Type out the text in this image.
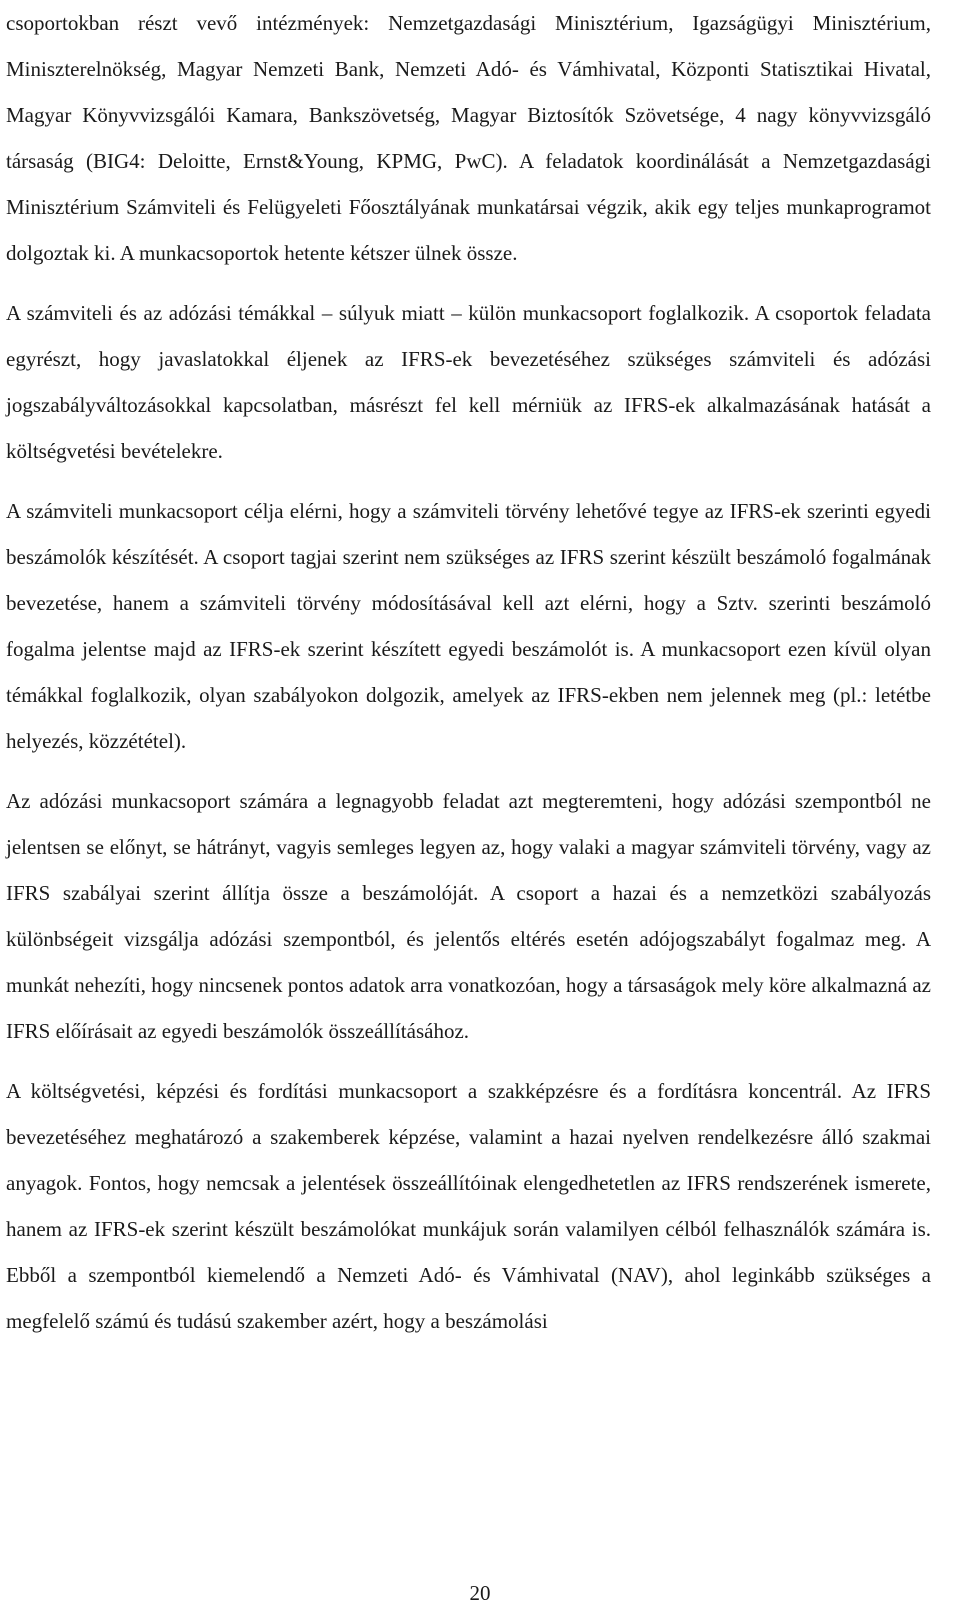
csoportokban részt vevő intézmények: Nemzetgazdasági Minisztérium, Igazságügyi Minisztérium, Miniszterelnökség, Magyar Nemzeti Bank, Nemzeti Adó- és Vámhivatal, Központi Statisztikai Hivatal, Magyar Könyvvizsgálói Kamara, Bankszövetség, Magyar Biztosítók Szövetsége, 4 nagy könyvvizsgáló társaság (BIG4: Deloitte, Ernst&Young, KPMG, PwC). A feladatok koordinálását a Nemzetgazdasági Minisztérium Számviteli és Felügyeleti Főosztályának munkatársai végzik, akik egy teljes munkaprogramot dolgoztak ki. A munkacsoportok hetente kétszer ülnek össze.

A számviteli és az adózási témákkal – súlyuk miatt – külön munkacsoport foglalkozik. A csoportok feladata egyrészt, hogy javaslatokkal éljenek az IFRS-ek bevezetéséhez szükséges számviteli és adózási jogszabályváltozásokkal kapcsolatban, másrészt fel kell mérniük az IFRS-ek alkalmazásának hatását a költségvetési bevételekre.

A számviteli munkacsoport célja elérni, hogy a számviteli törvény lehetővé tegye az IFRS-ek szerinti egyedi beszámolók készítését. A csoport tagjai szerint nem szükséges az IFRS szerint készült beszámoló fogalmának bevezetése, hanem a számviteli törvény módosításával kell azt elérni, hogy a Sztv. szerinti beszámoló fogalma jelentse majd az IFRS-ek szerint készített egyedi beszámolót is. A munkacsoport ezen kívül olyan témákkal foglalkozik, olyan szabályokon dolgozik, amelyek az IFRS-ekben nem jelennek meg (pl.: letétbe helyezés, közzététel).

Az adózási munkacsoport számára a legnagyobb feladat azt megteremteni, hogy adózási szempontból ne jelentsen se előnyt, se hátrányt, vagyis semleges legyen az, hogy valaki a magyar számviteli törvény, vagy az IFRS szabályai szerint állítja össze a beszámolóját. A csoport a hazai és a nemzetközi szabályozás különbségeit vizsgálja adózási szempontból, és jelentős eltérés esetén adójogszabályt fogalmaz meg. A munkát nehezíti, hogy nincsenek pontos adatok arra vonatkozóan, hogy a társaságok mely köre alkalmazná az IFRS előírásait az egyedi beszámolók összeállításához.

A költségvetési, képzési és fordítási munkacsoport a szakképzésre és a fordításra koncentrál. Az IFRS bevezetéséhez meghatározó a szakemberek képzése, valamint a hazai nyelven rendelkezésre álló szakmai anyagok. Fontos, hogy nemcsak a jelentések összeállítóinak elengedhetetlen az IFRS rendszerének ismerete, hanem az IFRS-ek szerint készült beszámolókat munkájuk során valamilyen célból felhasználók számára is. Ebből a szempontból kiemelendő a Nemzeti Adó- és Vámhivatal (NAV), ahol leginkább szükséges a megfelelő számú és tudású szakember azért, hogy a beszámolási

20
